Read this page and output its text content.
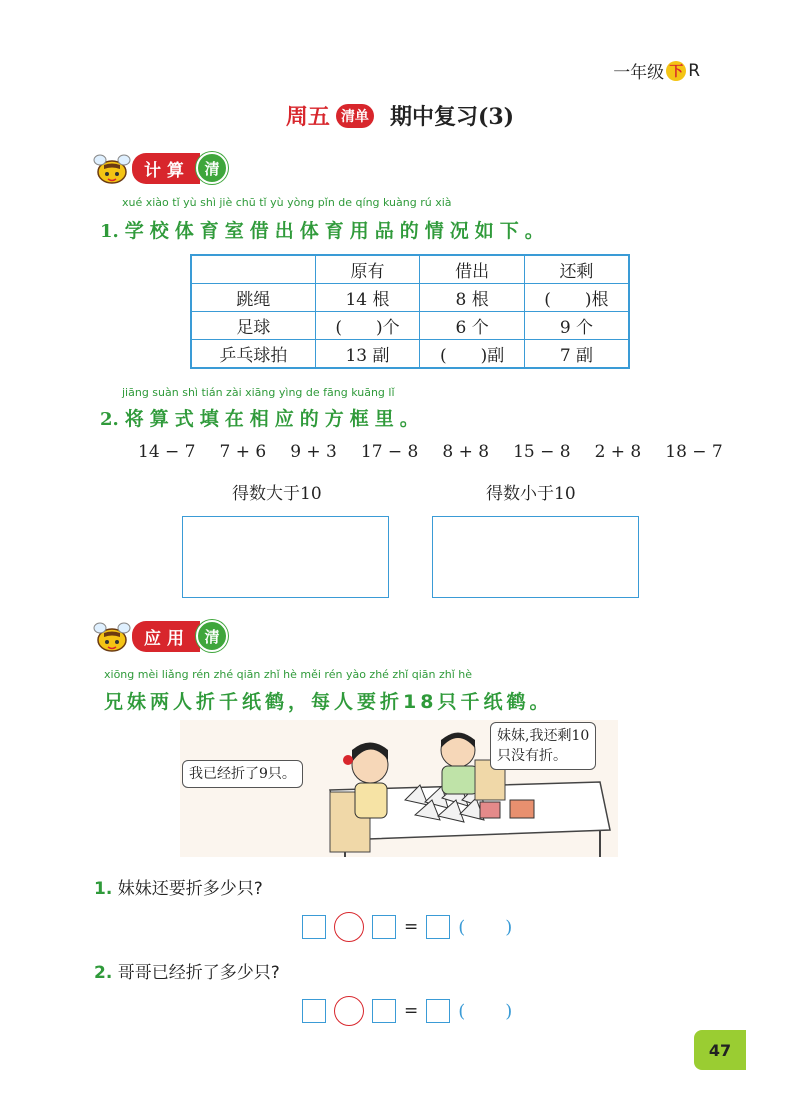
一年级 下 R
周五 清单 期中复习(3)
计算 清
xué xiào tǐ yù shì jiè chū tǐ yù yòng pǐn de qíng kuàng rú xià
1. 学校体育室借出体育用品的情况如下。
	原有	借出	还剩
跳绳	14 根	8 根	(　　)根
足球	(　　)个	6 个	9 个
乒乓球拍	13 副	(　　)副	7 副
jiāng suàn shì tián zài xiāng yìng de fāng kuāng lǐ
2. 将算式填在相应的方框里。
14 − 7 7 + 6 9 + 3 17 − 8 8 + 8 15 − 8 2 + 8 18 − 7
得数大于10	得数小于10
应用 清
xiōng mèi liǎng rén zhé qiān zhǐ hè měi rén yào zhé zhǐ qiān zhǐ hè
兄妹两人折千纸鹤，每人要折18只千纸鹤。
我已经折了9只。
妹妹,我还剩10
只没有折。
1. 妹妹还要折多少只?
= ()
2. 哥哥已经折了多少只?
= ()
47
